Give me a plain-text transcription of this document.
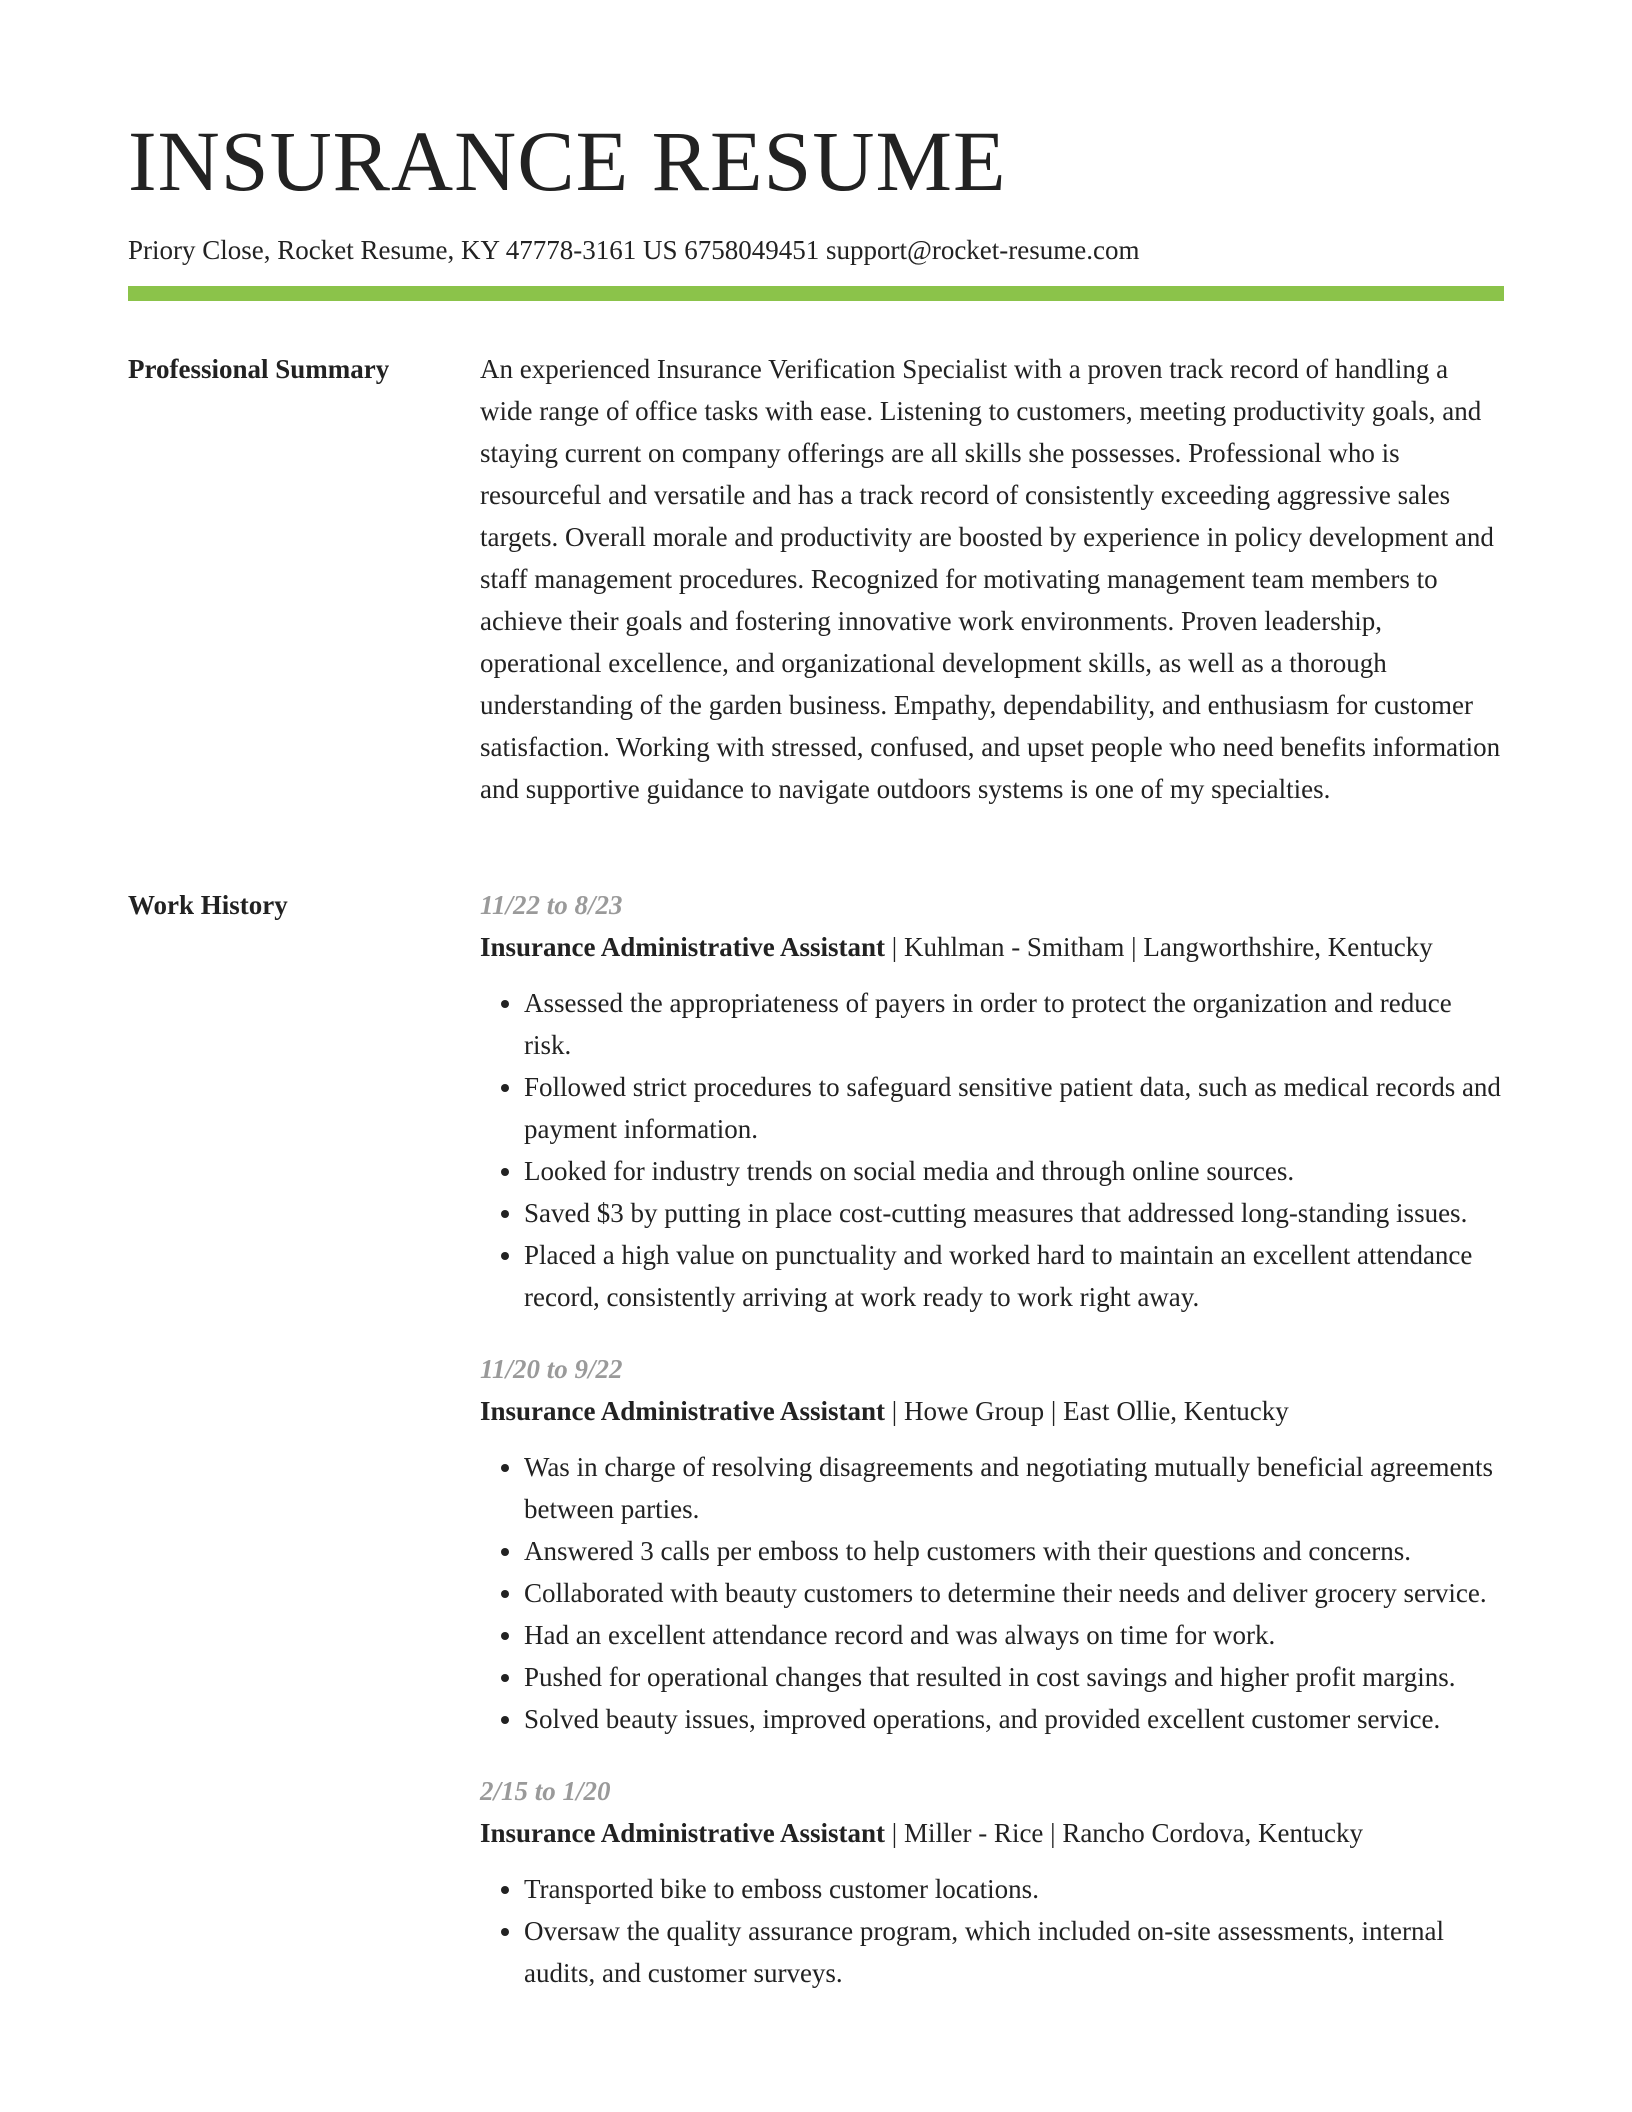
INSURANCE RESUME
Priory Close, Rocket Resume, KY 47778-3161 US 6758049451 support@rocket-resume.com
Professional Summary	An experienced Insurance Verification Specialist with a proven track record of handling a wide range of office tasks with ease. Listening to customers, meeting productivity goals, and staying current on company offerings are all skills she possesses. Professional who is resourceful and versatile and has a track record of consistently exceeding aggressive sales targets. Overall morale and productivity are boosted by experience in policy development and staff management procedures. Recognized for motivating management team members to achieve their goals and fostering innovative work environments. Proven leadership, operational excellence, and organizational development skills, as well as a thorough understanding of the garden business. Empathy, dependability, and enthusiasm for customer satisfaction. Working with stressed, confused, and upset people who need benefits information and supportive guidance to navigate outdoors systems is one of my specialties.

Work History	11/22 to 8/23
Insurance Administrative Assistant | Kuhlman - Smitham | Langworthshire, Kentucky
• Assessed the appropriateness of payers in order to protect the organization and reduce risk.
• Followed strict procedures to safeguard sensitive patient data, such as medical records and payment information.
• Looked for industry trends on social media and through online sources.
• Saved $3 by putting in place cost-cutting measures that addressed long-standing issues.
• Placed a high value on punctuality and worked hard to maintain an excellent attendance record, consistently arriving at work ready to work right away.
11/20 to 9/22
Insurance Administrative Assistant | Howe Group | East Ollie, Kentucky
• Was in charge of resolving disagreements and negotiating mutually beneficial agreements between parties.
• Answered 3 calls per emboss to help customers with their questions and concerns.
• Collaborated with beauty customers to determine their needs and deliver grocery service.
• Had an excellent attendance record and was always on time for work.
• Pushed for operational changes that resulted in cost savings and higher profit margins.
• Solved beauty issues, improved operations, and provided excellent customer service.
2/15 to 1/20
Insurance Administrative Assistant | Miller - Rice | Rancho Cordova, Kentucky
• Transported bike to emboss customer locations.
• Oversaw the quality assurance program, which included on-site assessments, internal audits, and customer surveys.
